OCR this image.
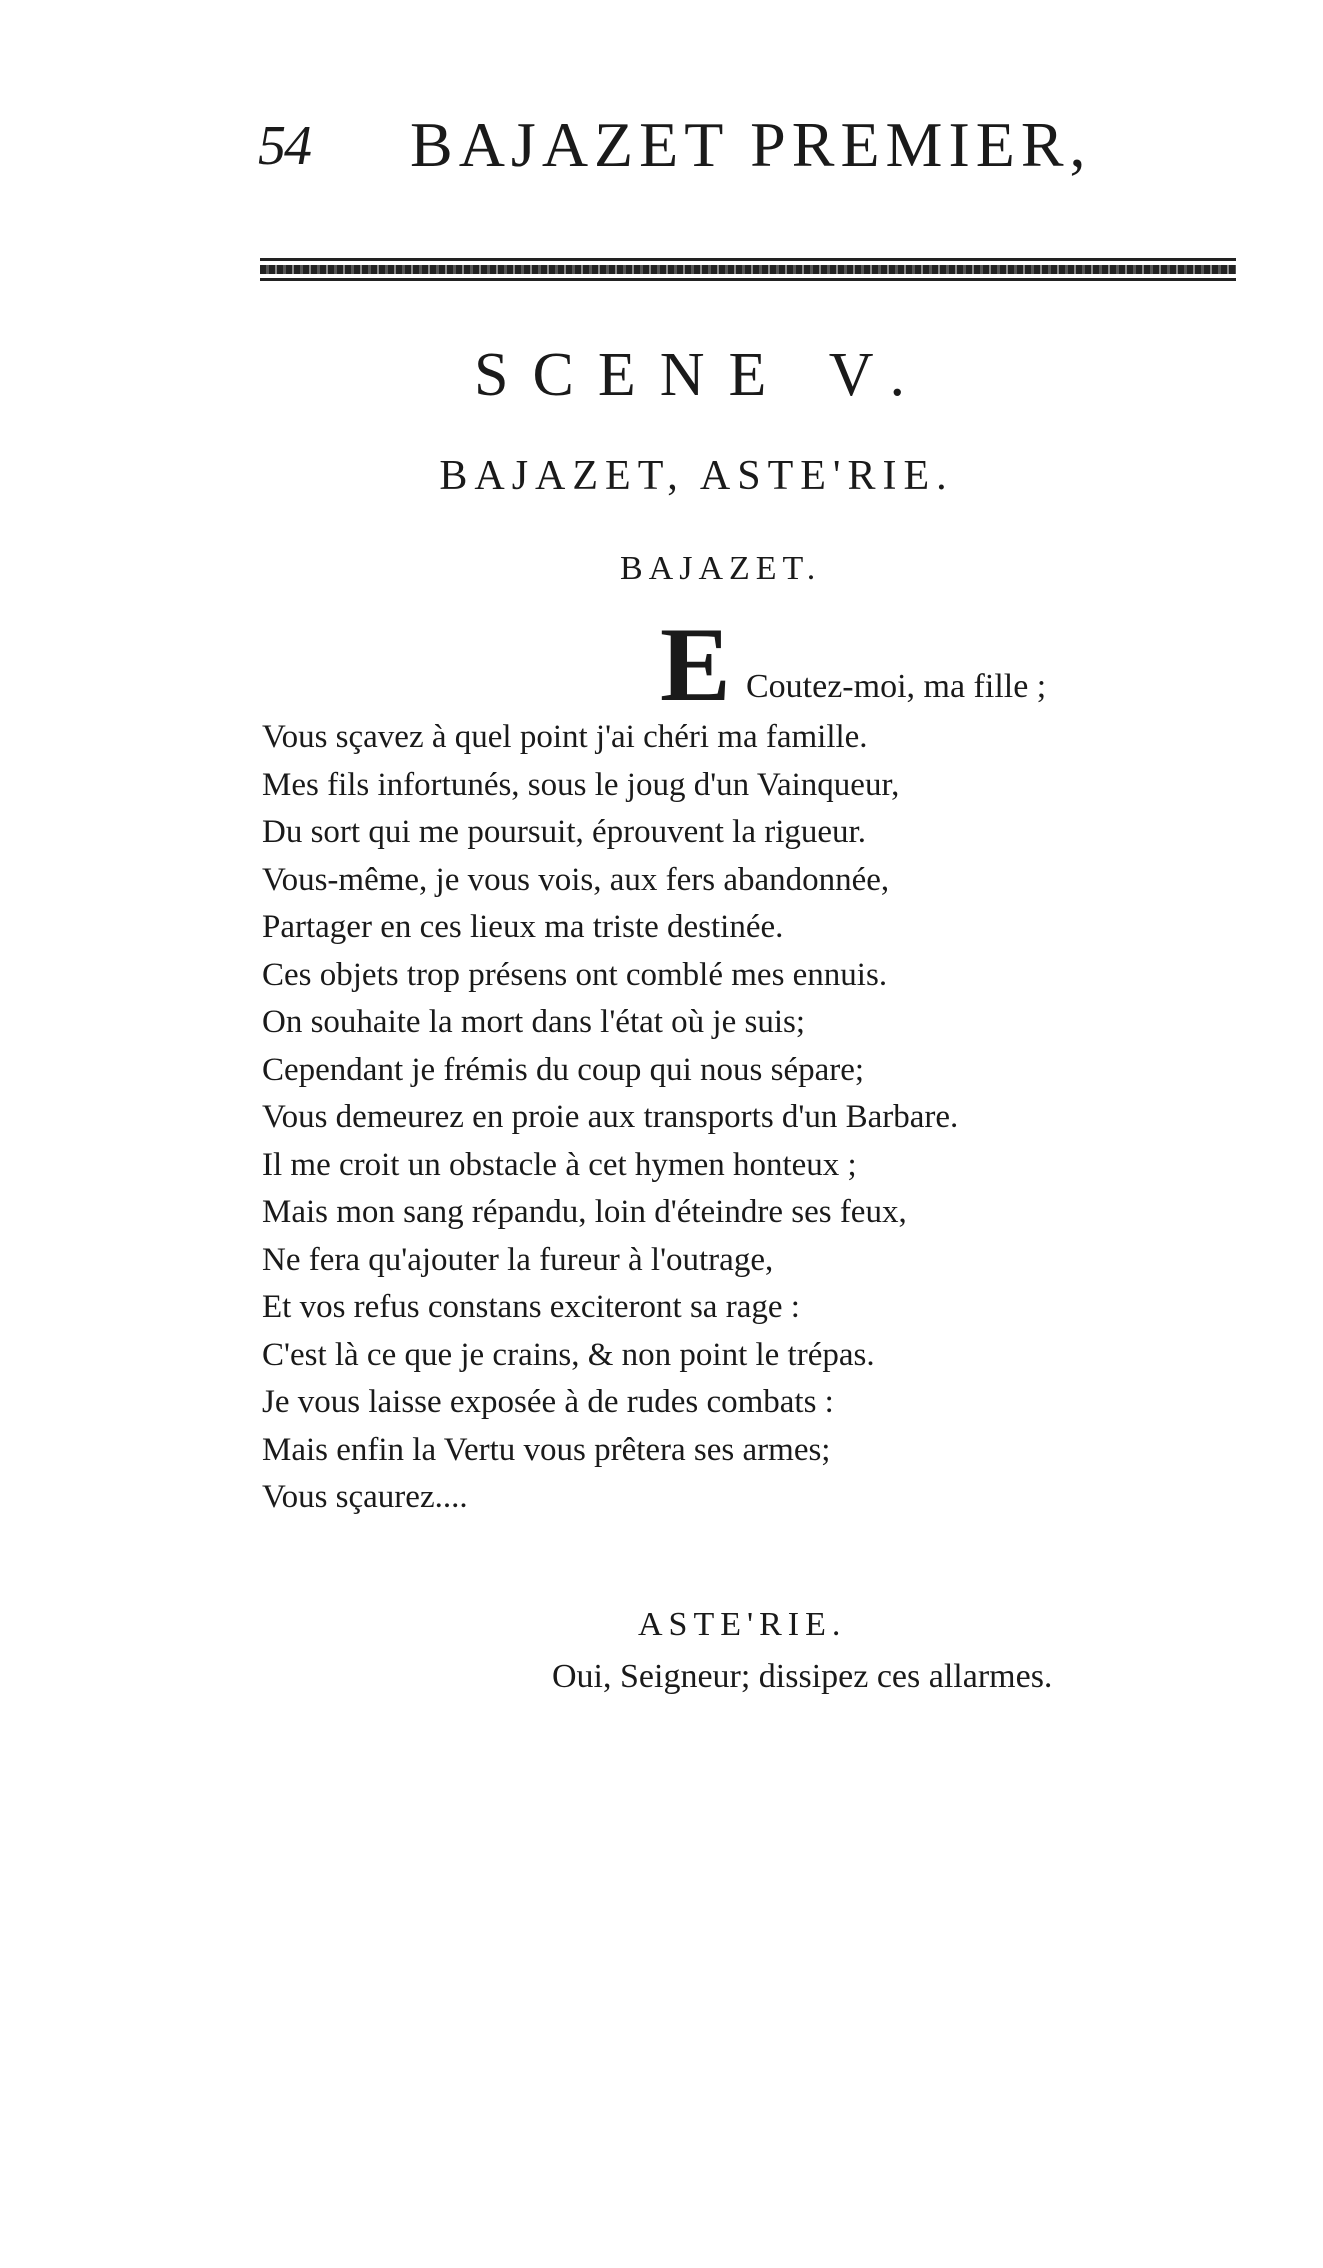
54 BAJAZET PREMIER,
SCENE V.
BAJAZET, ASTE'RIE.
BAJAZET.
E Coutez-moi, ma fille ;
Vous sçavez à quel point j'ai chéri ma famille.
Mes fils infortunés, sous le joug d'un Vainqueur,
Du sort qui me poursuit, éprouvent la rigueur.
Vous-même, je vous vois, aux fers abandonnée,
Partager en ces lieux ma triste destinée.
Ces objets trop présens ont comblé mes ennuis.
On souhaite la mort dans l'état où je suis;
Cependant je frémis du coup qui nous sépare;
Vous demeurez en proie aux transports d'un Barbare.
Il me croit un obstacle à cet hymen honteux ;
Mais mon sang répandu, loin d'éteindre ses feux,
Ne fera qu'ajouter la fureur à l'outrage,
Et vos refus constans exciteront sa rage :
C'est là ce que je crains, & non point le trépas.
Je vous laisse exposée à de rudes combats :
Mais enfin la Vertu vous prêtera ses armes;
Vous sçaurez....
ASTE'RIE.
Oui, Seigneur; dissipez ces allarmes.
